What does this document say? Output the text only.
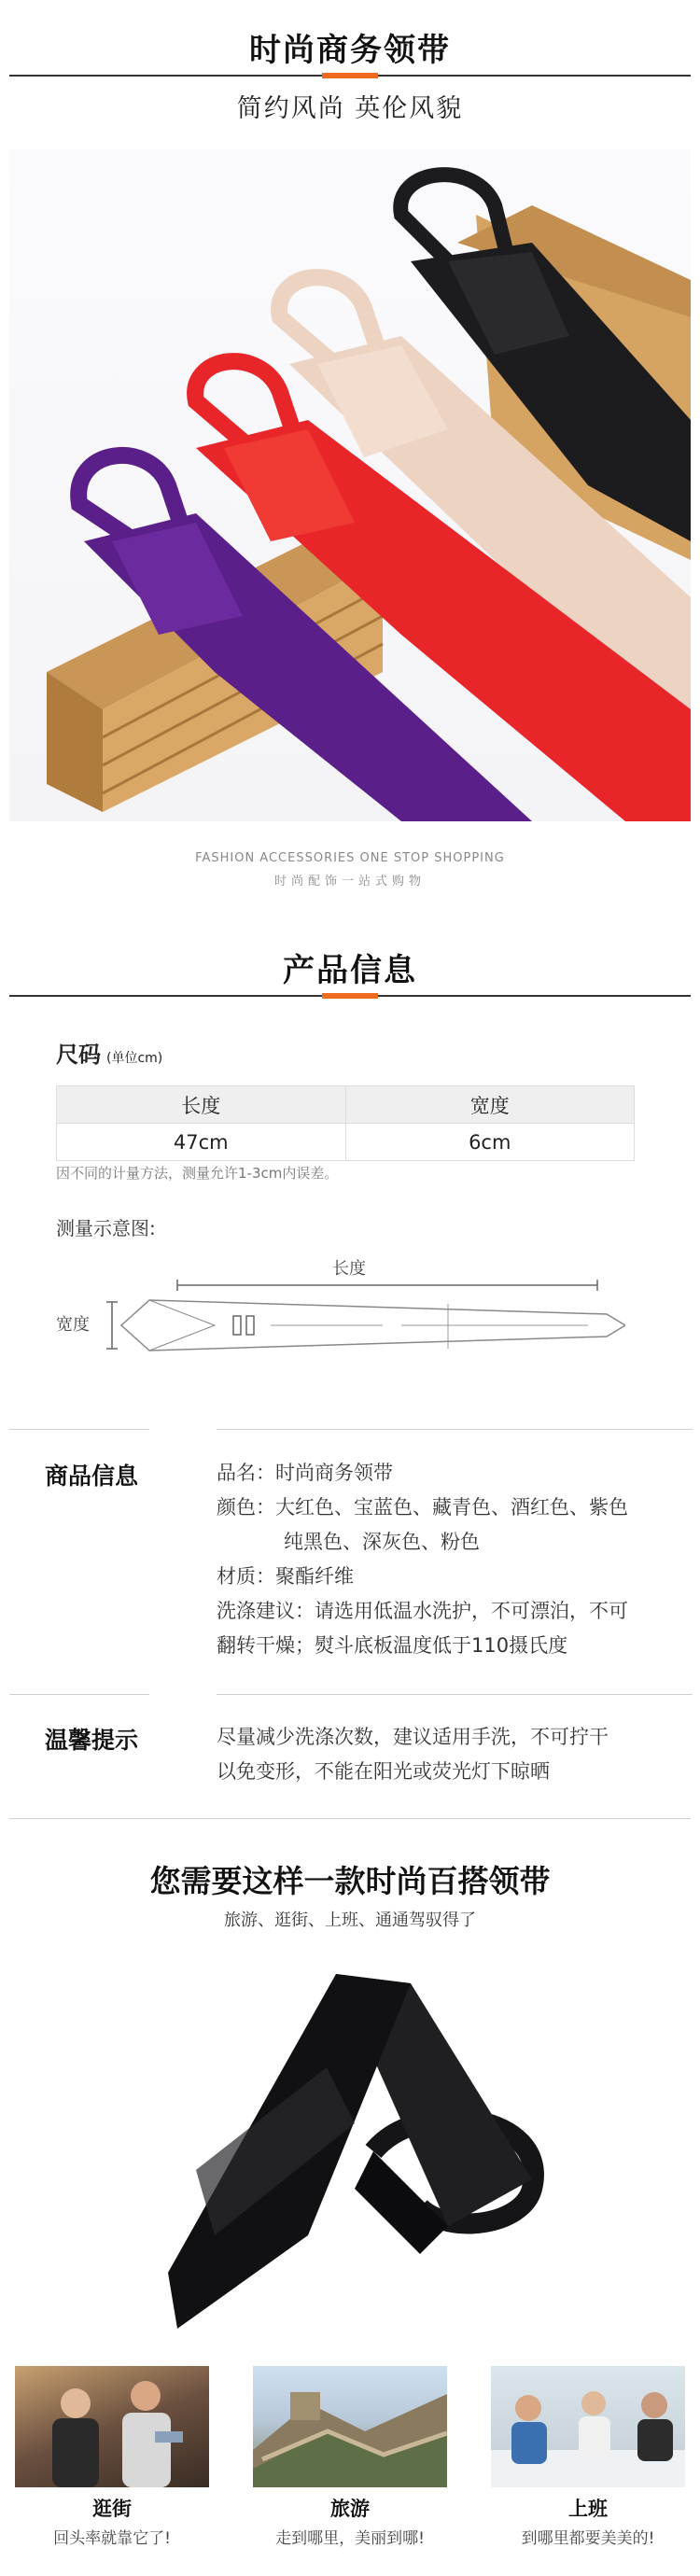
时尚商务领带
简约风尚 英伦风貌
FASHION ACCESSORIES ONE STOP SHOPPING
时尚配饰一站式购物
产品信息
尺码 (单位cm)
长度	宽度
47cm	6cm
因不同的计量方法，测量允许1-3cm内误差。
测量示意图:
长度
宽度
商品信息	品名：时尚商务领带
颜色：大红色、宝蓝色、藏青色、酒红色、紫色
纯黑色、深灰色、粉色
材质：聚酯纤维
洗涤建议：请选用低温水洗护，不可漂泊，不可
翻转干燥；熨斗底板温度低于110摄氏度
温馨提示	尽量减少洗涤次数，建议适用手洗，不可拧干
以免变形，不能在阳光或荧光灯下晾晒
您需要这样一款时尚百搭领带
旅游、逛街、上班、通通驾驭得了
逛街
回头率就靠它了!
旅游
走到哪里，美丽到哪!
上班
到哪里都要美美的!
